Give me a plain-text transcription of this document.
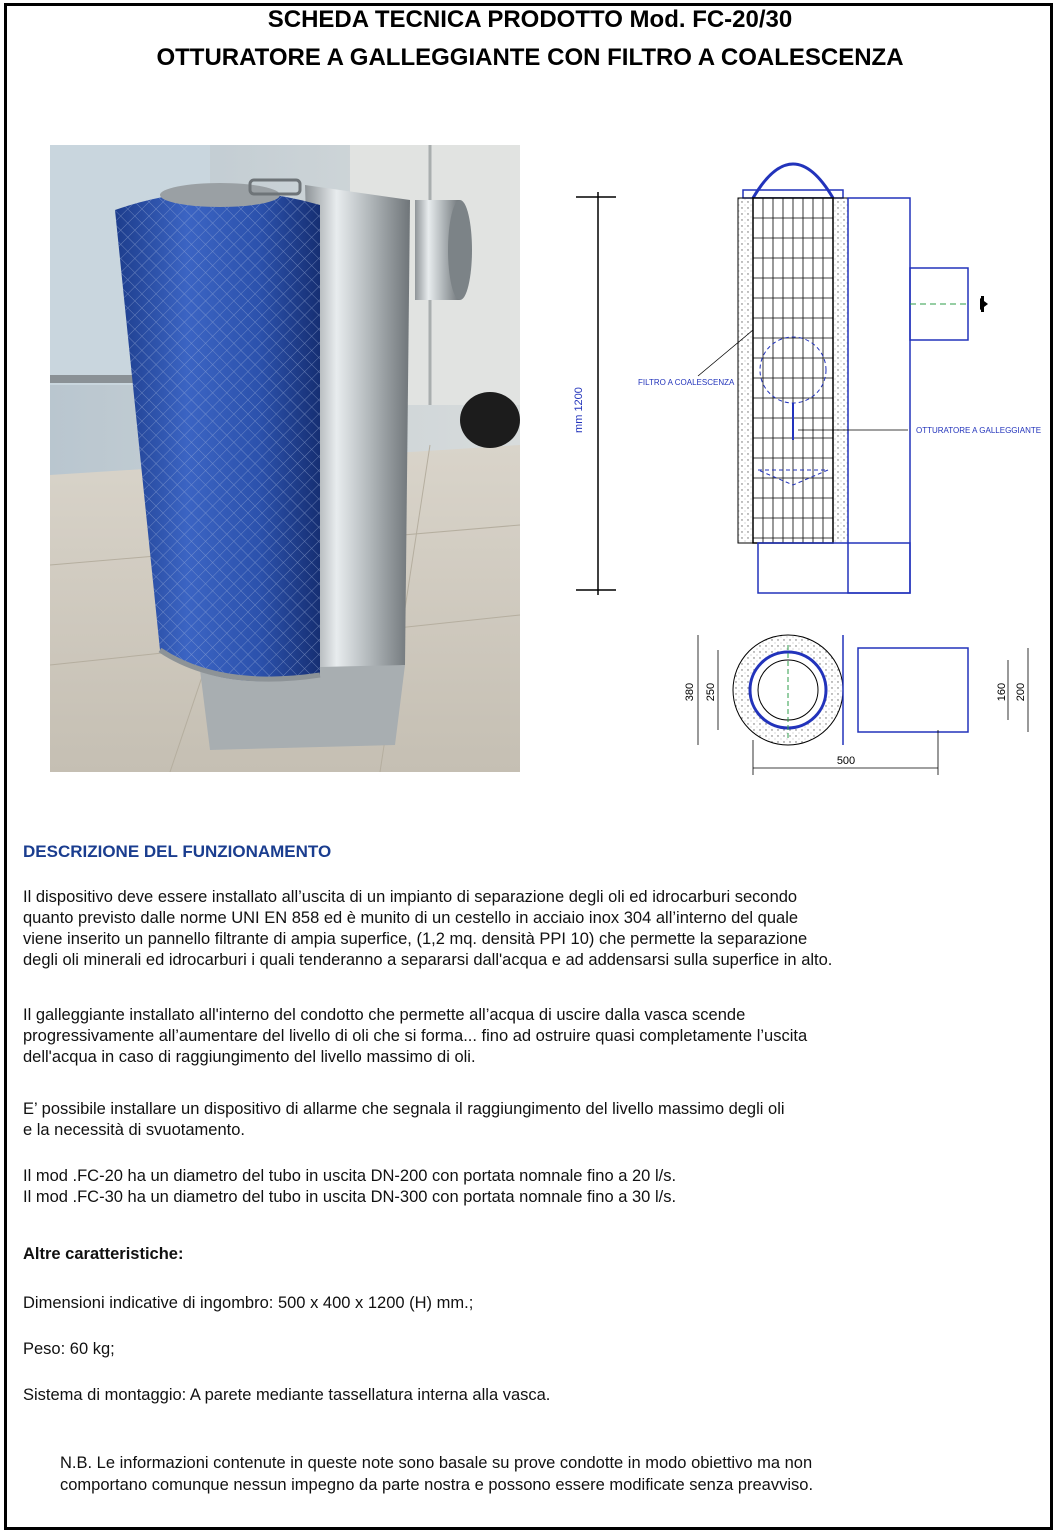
SCHEDA TECNICA PRODOTTO Mod. FC-20/30
OTTURATORE A GALLEGGIANTE CON FILTRO A COALESCENZA
mm 1200
FILTRO A COALESCENZA
OTTURATORE A GALLEGGIANTE
380 250	160 200
500
DESCRIZIONE DEL FUNZIONAMENTO

Il dispositivo deve essere installato all’uscita di un impianto di separazione degli oli ed idrocarburi secondo
quanto previsto dalle norme UNI EN 858 ed è munito di un cestello in acciaio inox 304 all’interno del quale
viene inserito un pannello filtrante di ampia superfice, (1,2 mq. densità PPI 10) che permette la separazione
degli oli minerali ed idrocarburi i quali tenderanno a separarsi dall'acqua e ad addensarsi sulla superfice in alto.

Il galleggiante installato all'interno del condotto che permette all’acqua di uscire dalla vasca scende
progressivamente all’aumentare del livello di oli che si forma... fino ad ostruire quasi completamente l’uscita
dell'acqua in caso di raggiungimento del livello massimo di oli.

E’ possibile installare un dispositivo di allarme che segnala il raggiungimento del livello massimo degli oli
e la necessità di svuotamento.

Il mod .FC-20 ha un diametro del tubo in uscita DN-200 con portata nomnale fino a 20 l/s.
Il mod .FC-30 ha un diametro del tubo in uscita DN-300 con portata nomnale fino a 30 l/s.

Altre caratteristiche:

Dimensioni indicative di ingombro: 500 x 400 x 1200 (H) mm.;

Peso: 60 kg;

Sistema di montaggio: A parete mediante tassellatura interna alla vasca.

N.B. Le informazioni contenute in queste note sono basale su prove condotte in modo obiettivo ma non
comportano comunque nessun impegno da parte nostra e possono essere modificate senza preavviso.
